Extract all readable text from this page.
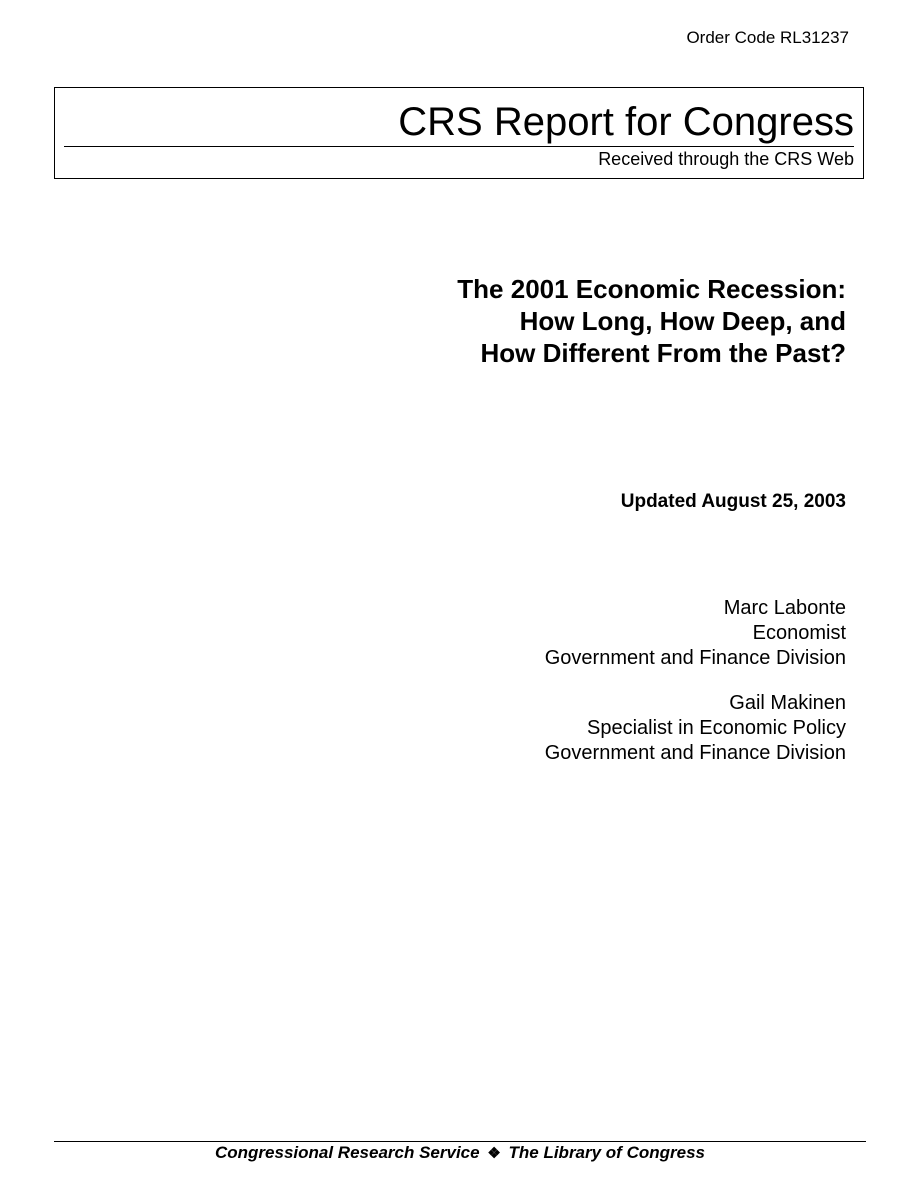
Order Code RL31237
CRS Report for Congress
Received through the CRS Web
The 2001 Economic Recession:
How Long, How Deep, and
How Different From the Past?
Updated August 25, 2003
Marc Labonte
Economist
Government and Finance Division
Gail Makinen
Specialist in Economic Policy
Government and Finance Division
Congressional Research Service ❖ The Library of Congress
